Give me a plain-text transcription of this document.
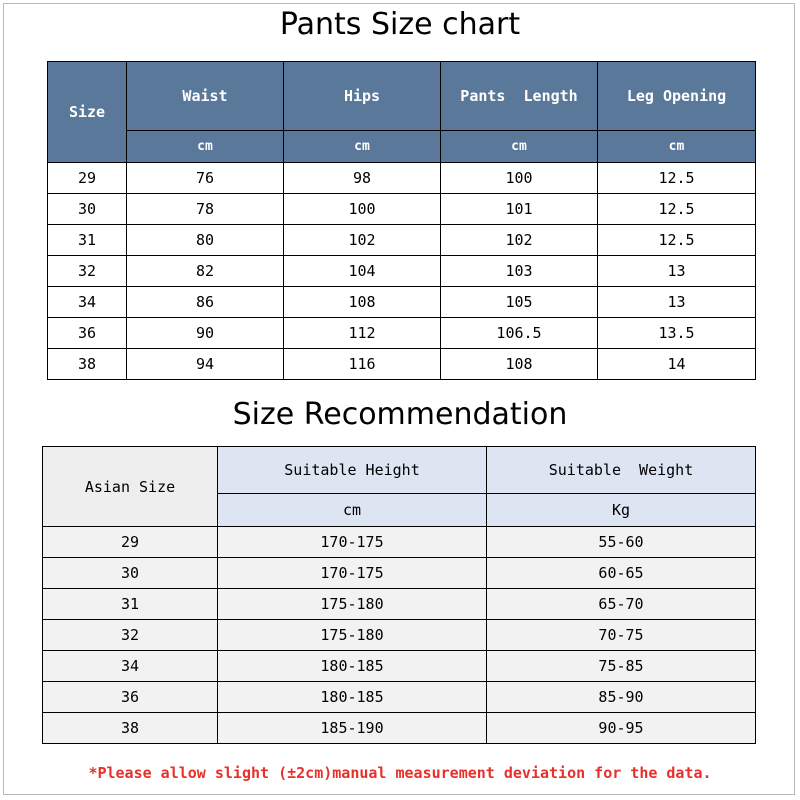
Pants Size chart
Size	Waist	Hips	Pants  Length	Leg Opening
	cm	cm	cm	cm
29	76	98	100	12.5
30	78	100	101	12.5
31	80	102	102	12.5
32	82	104	103	13
34	86	108	105	13
36	90	112	106.5	13.5
38	94	116	108	14
Size Recommendation
Asian Size	Suitable Height	Suitable  Weight
	cm	Kg
29	170-175	55-60
30	170-175	60-65
31	175-180	65-70
32	175-180	70-75
34	180-185	75-85
36	180-185	85-90
38	185-190	90-95
*Please allow slight (±2cm)manual measurement deviation for the data.
